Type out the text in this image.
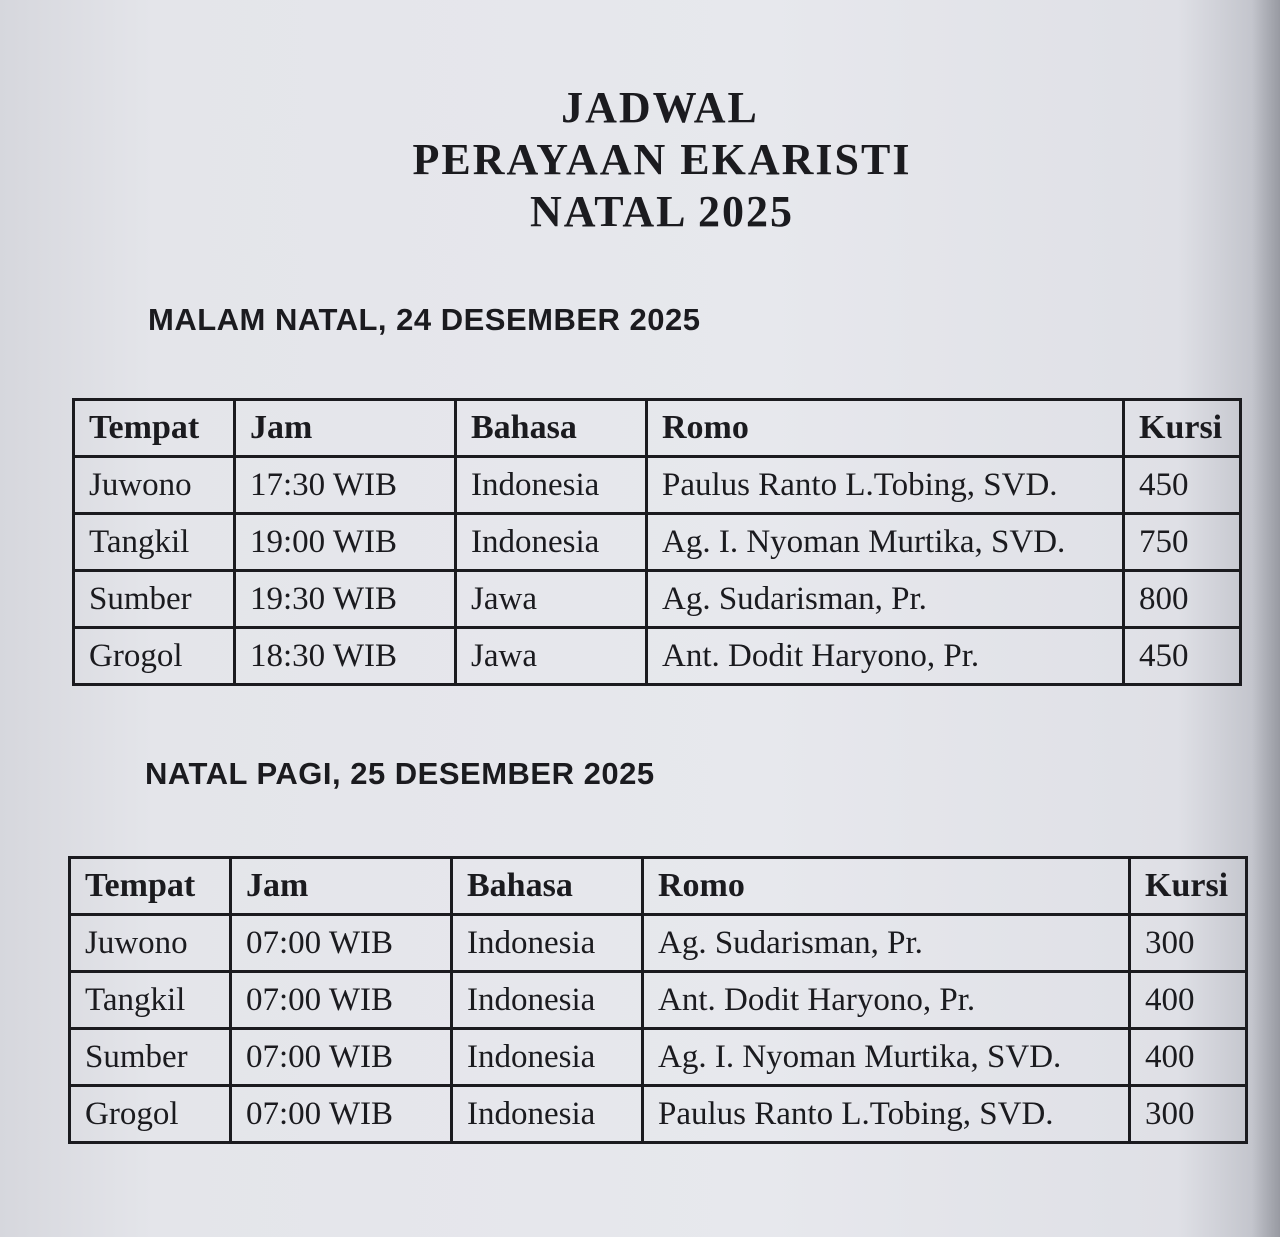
JADWAL
PERAYAAN EKARISTI
NATAL 2025
MALAM NATAL, 24 DESEMBER 2025
Tempat	Jam	Bahasa	Romo	Kursi
Juwono	17:30 WIB	Indonesia	Paulus Ranto L.Tobing, SVD.	450
Tangkil	19:00 WIB	Indonesia	Ag. I. Nyoman Murtika, SVD.	750
Sumber	19:30 WIB	Jawa	Ag. Sudarisman, Pr.	800
Grogol	18:30 WIB	Jawa	Ant. Dodit Haryono, Pr.	450
NATAL PAGI, 25 DESEMBER 2025
Tempat	Jam	Bahasa	Romo	Kursi
Juwono	07:00 WIB	Indonesia	Ag. Sudarisman, Pr.	300
Tangkil	07:00 WIB	Indonesia	Ant. Dodit Haryono, Pr.	400
Sumber	07:00 WIB	Indonesia	Ag. I. Nyoman Murtika, SVD.	400
Grogol	07:00 WIB	Indonesia	Paulus Ranto L.Tobing, SVD.	300
